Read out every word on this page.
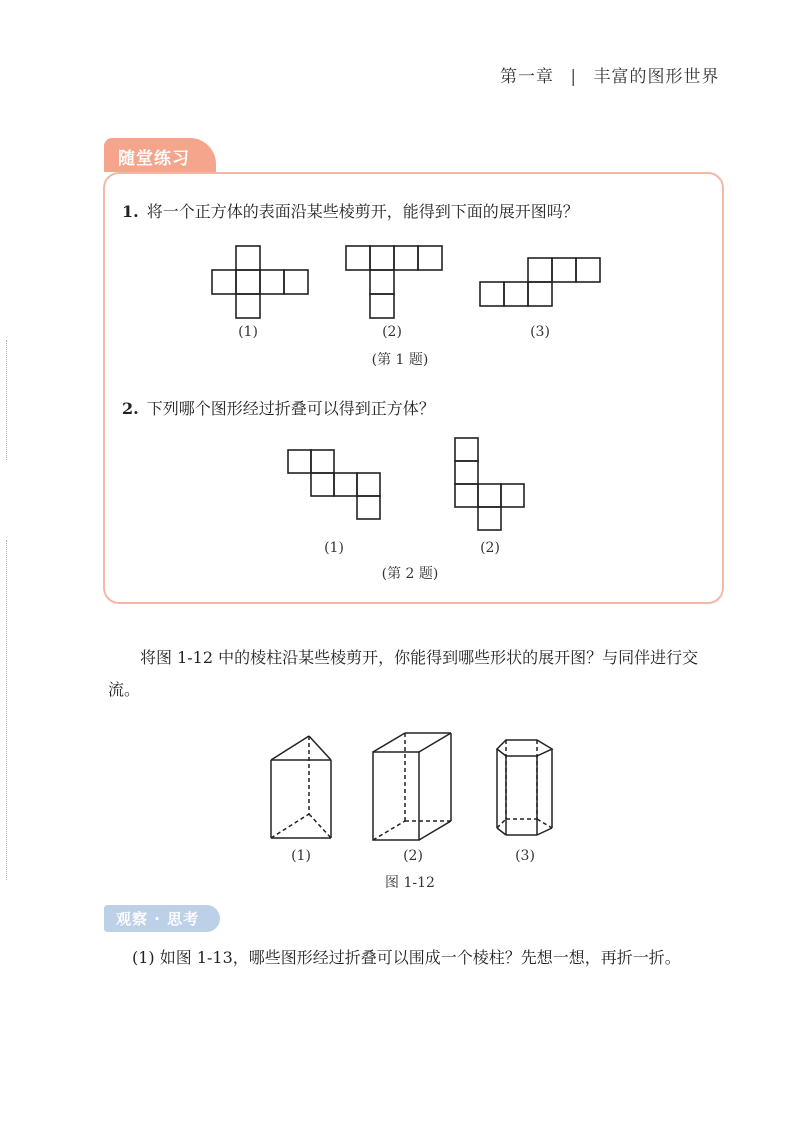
第一章 | 丰富的图形世界
随堂练习
1. 将一个正方体的表面沿某些棱剪开，能得到下面的展开图吗？
(1)	(2)	(3)
(第 1 题)
2. 下列哪个图形经过折叠可以得到正方体？
(1)	(2)
(第 2 题)
将图 1-12 中的棱柱沿某些棱剪开，你能得到哪些形状的展开图？与同伴进行交流。
(1)	(2)	(3)
图 1-12
观察 · 思考
(1) 如图 1-13，哪些图形经过折叠可以围成一个棱柱？先想一想，再折一折。
